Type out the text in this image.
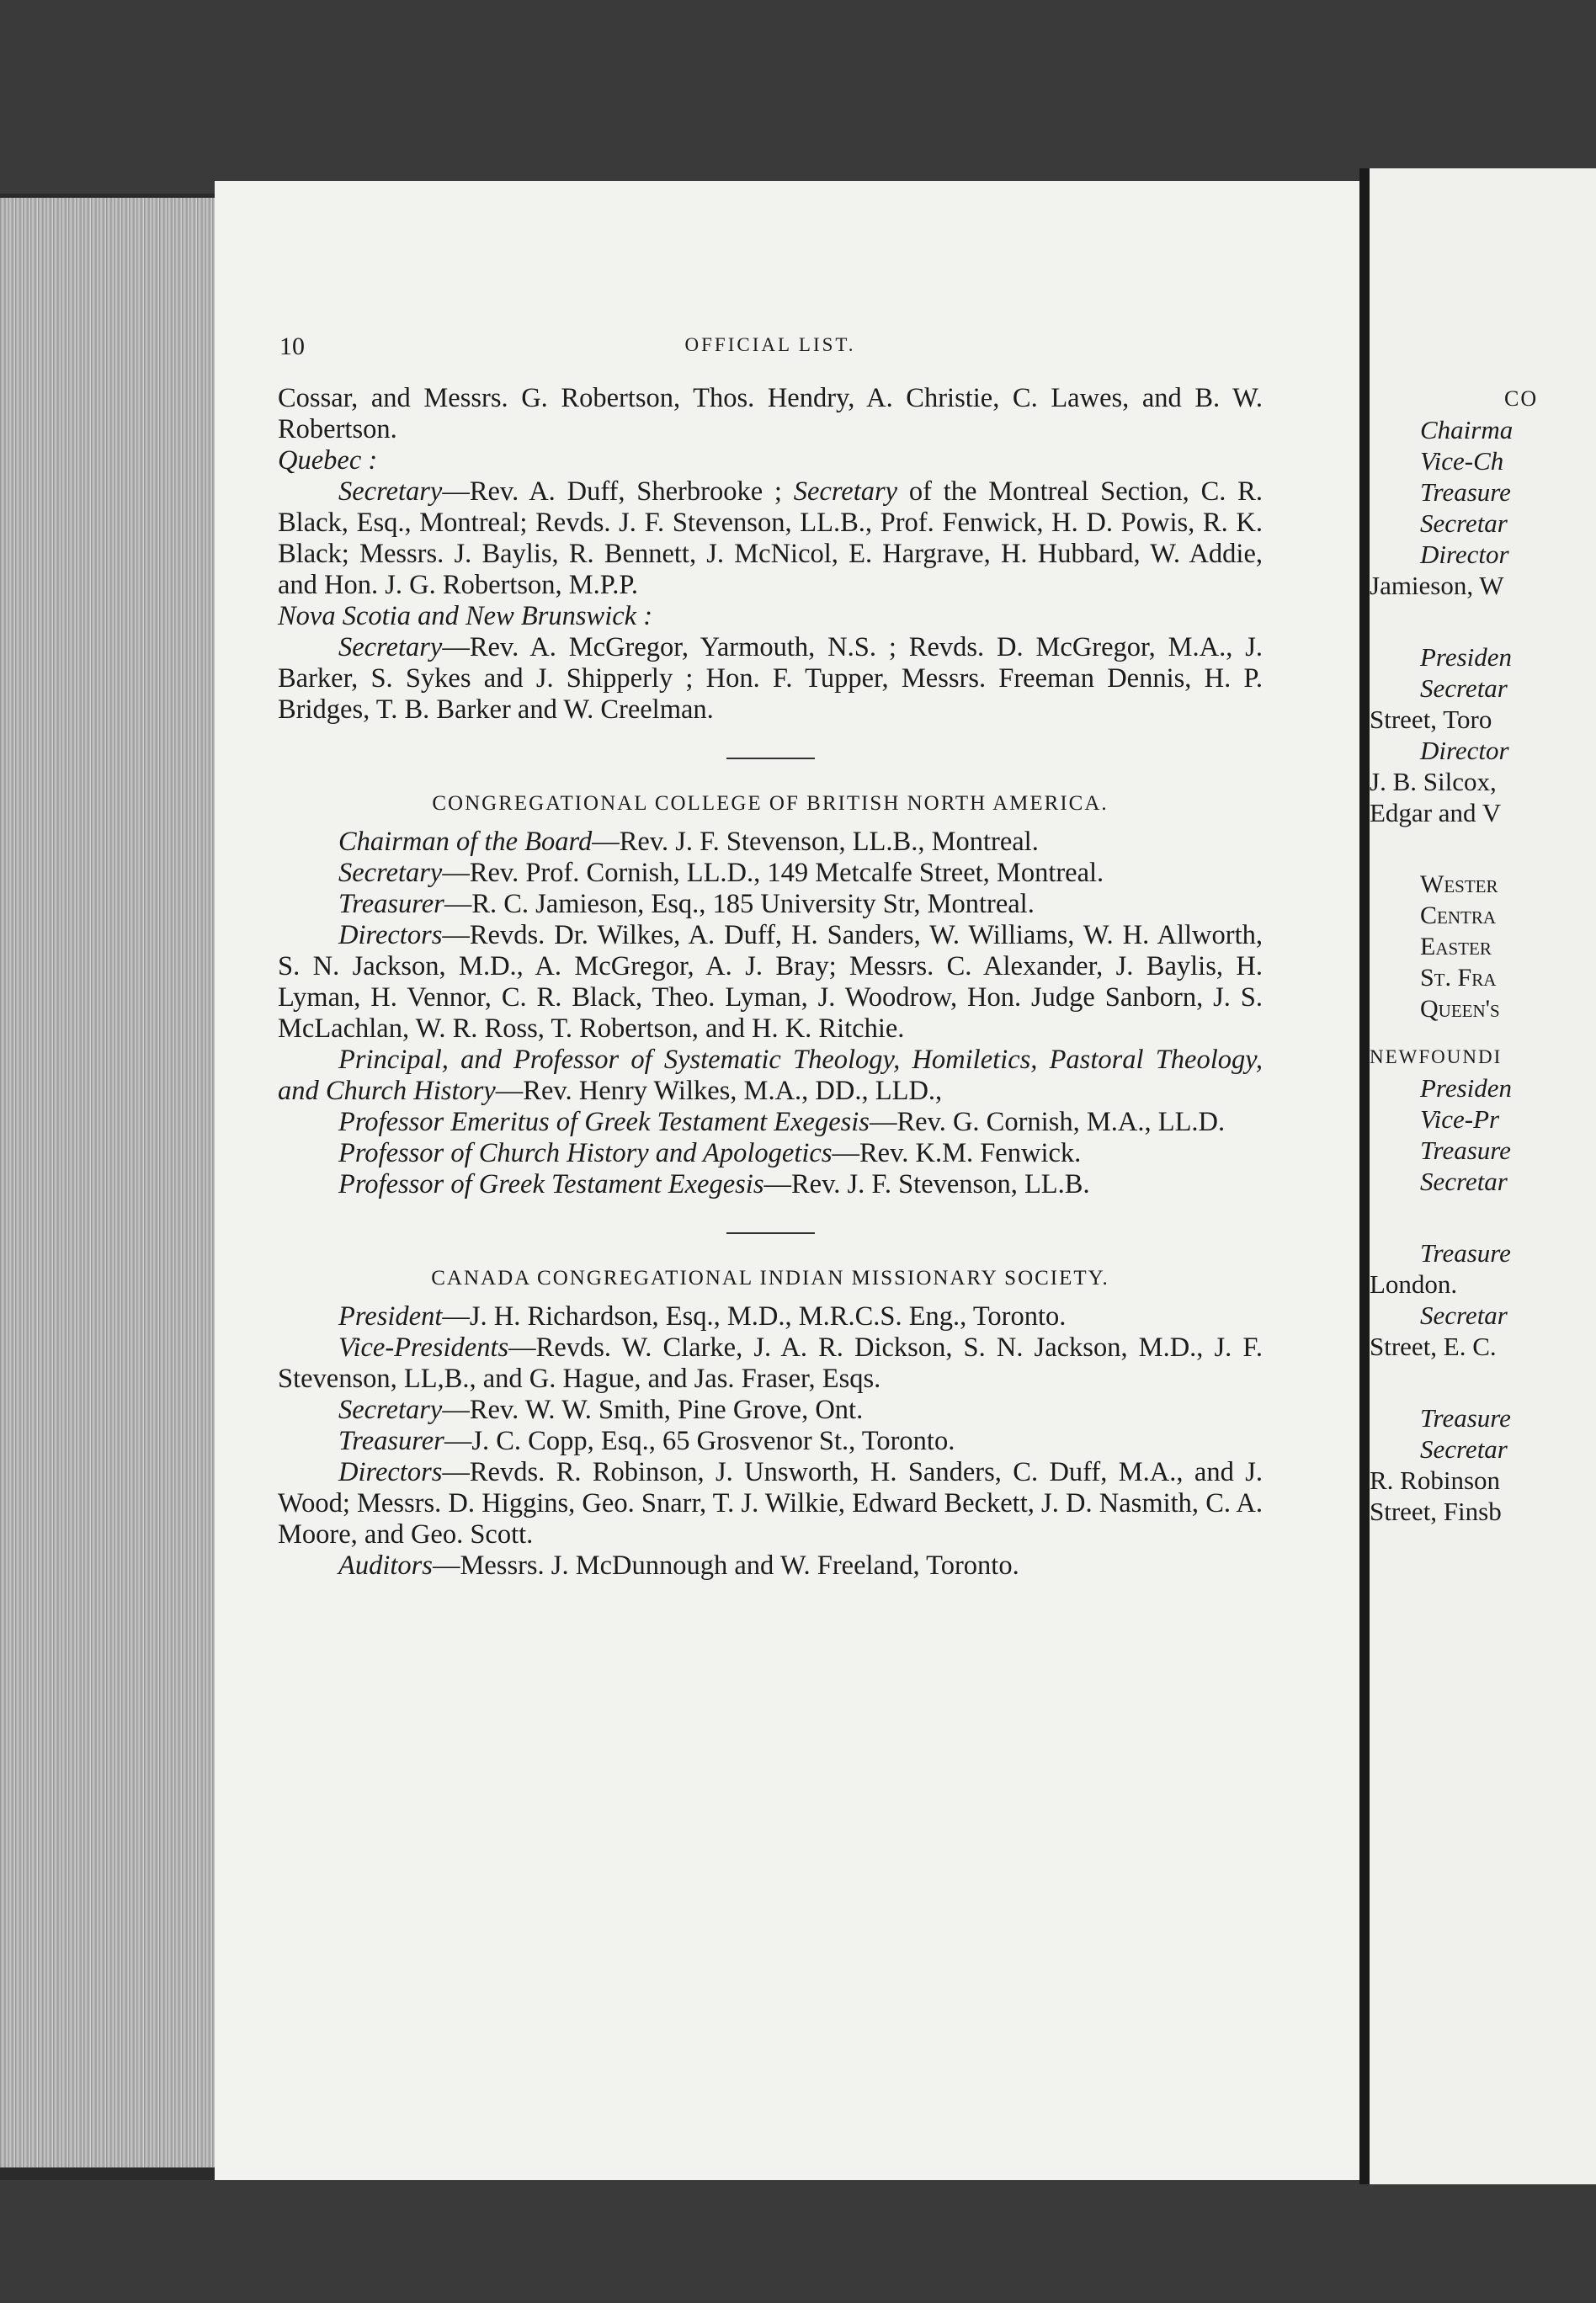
10	OFFICIAL LIST.

Cossar, and Messrs. G. Robertson, Thos. Hendry, A. Christie, C. Lawes, and B. W. Robertson.

Quebec :

Secretary—Rev. A. Duff, Sherbrooke ; Secretary of the Montreal Section, C. R. Black, Esq., Montreal; Revds. J. F. Stevenson, LL.B., Prof. Fenwick, H. D. Powis, R. K. Black; Messrs. J. Baylis, R. Bennett, J. McNicol, E. Hargrave, H. Hubbard, W. Addie, and Hon. J. G. Robertson, M.P.P.

Nova Scotia and New Brunswick :

Secretary—Rev. A. McGregor, Yarmouth, N.S. ; Revds. D. McGregor, M.A., J. Barker, S. Sykes and J. Shipperly ; Hon. F. Tupper, Messrs. Freeman Dennis, H. P. Bridges, T. B. Barker and W. Creelman.

CONGREGATIONAL COLLEGE OF BRITISH NORTH AMERICA.

Chairman of the Board—Rev. J. F. Stevenson, LL.B., Montreal.

Secretary—Rev. Prof. Cornish, LL.D., 149 Metcalfe Street, Montreal.

Treasurer—R. C. Jamieson, Esq., 185 University Str, Montreal.

Directors—Revds. Dr. Wilkes, A. Duff, H. Sanders, W. Williams, W. H. Allworth, S. N. Jackson, M.D., A. McGregor, A. J. Bray; Messrs. C. Alexander, J. Baylis, H. Lyman, H. Vennor, C. R. Black, Theo. Lyman, J. Woodrow, Hon. Judge Sanborn, J. S. McLachlan, W. R. Ross, T. Robertson, and H. K. Ritchie.

Principal, and Professor of Systematic Theology, Homiletics, Pastoral Theology, and Church History—Rev. Henry Wilkes, M.A., DD., LLD.,

Professor Emeritus of Greek Testament Exegesis—Rev. G. Cornish, M.A., LL.D.

Professor of Church History and Apologetics—Rev. K.M. Fenwick.

Professor of Greek Testament Exegesis—Rev. J. F. Stevenson, LL.B.

CANADA CONGREGATIONAL INDIAN MISSIONARY SOCIETY.

President—J. H. Richardson, Esq., M.D., M.R.C.S. Eng., Toronto.

Vice-Presidents—Revds. W. Clarke, J. A. R. Dickson, S. N. Jackson, M.D., J. F. Stevenson, LL,B., and G. Hague, and Jas. Fraser, Esqs.

Secretary—Rev. W. W. Smith, Pine Grove, Ont.

Treasurer—J. C. Copp, Esq., 65 Grosvenor St., Toronto.

Directors—Revds. R. Robinson, J. Unsworth, H. Sanders, C. Duff, M.A., and J. Wood; Messrs. D. Higgins, Geo. Snarr, T. J. Wilkie, Edward Beckett, J. D. Nasmith, C. A. Moore, and Geo. Scott.

Auditors—Messrs. J. McDunnough and W. Freeland, Toronto.

CO
Chairma
Vice-Ch
Treasure
Secretar
Director
Jamieson, W
Presiden
Secretar
Street, Toro
Director
J. B. Silcox,
Edgar and V
Wester
Centra
Easter
St. Fra
Queen's
NEWFOUNDI
Presiden
Vice-Pr
Treasure
Secretar
Treasure
London.
Secretar
Street, E. C.
Treasure
Secretar
R. Robinson
Street, Finsb
